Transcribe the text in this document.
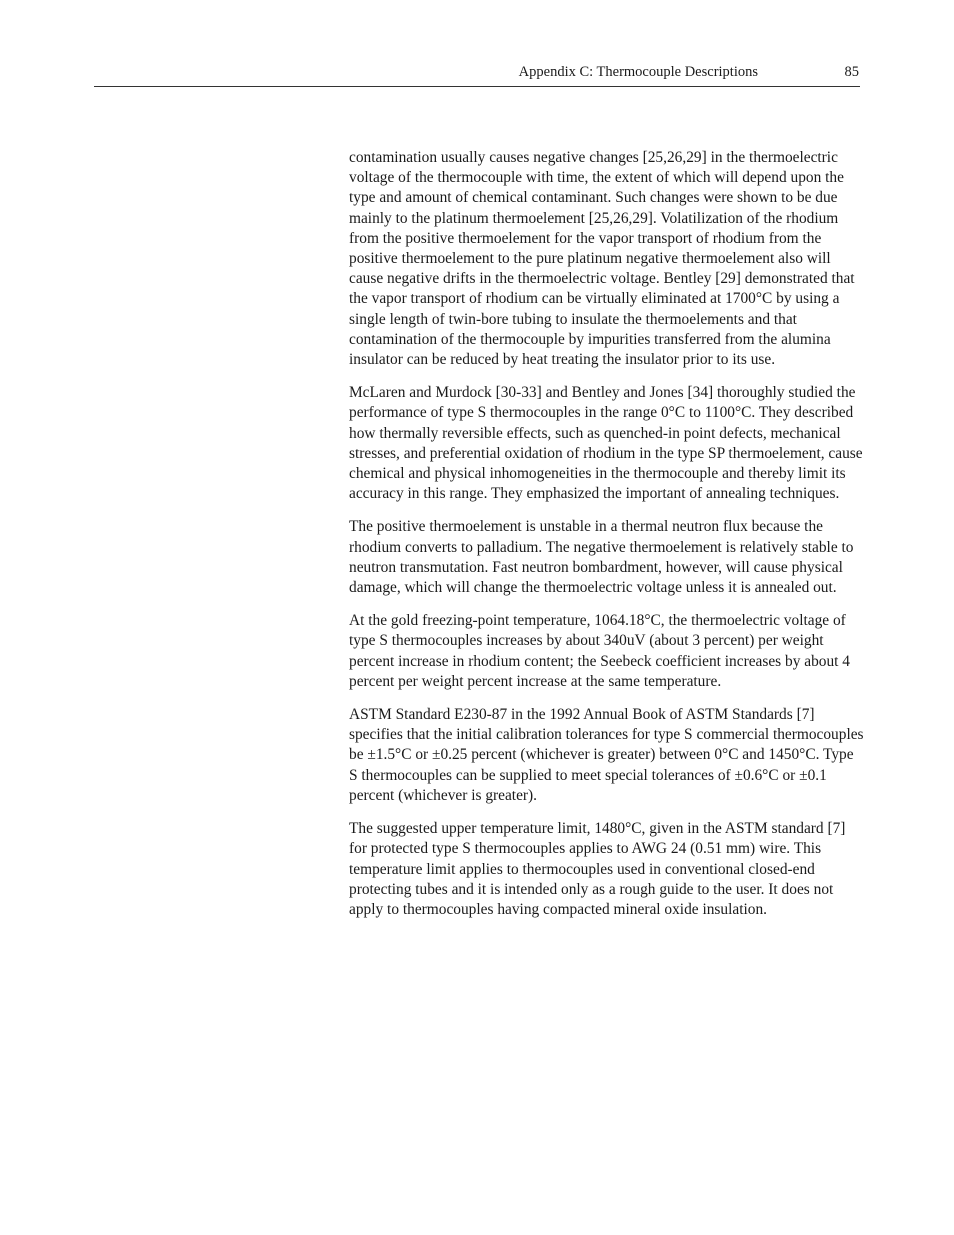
Appendix C: Thermocouple Descriptions	85

contamination usually causes negative changes [25,26,29] in the thermoelectric voltage of the thermocouple with time, the extent of which will depend upon the type and amount of chemical contaminant. Such changes were shown to be due mainly to the platinum thermoelement [25,26,29]. Volatilization of the rhodium from the positive thermoelement for the vapor transport of rhodium from the positive thermoelement to the pure platinum negative thermoelement also will cause negative drifts in the thermoelectric voltage. Bentley [29] demonstrated that the vapor transport of rhodium can be virtually eliminated at 1700°C by using a single length of twin-bore tubing to insulate the thermoelements and that contamination of the thermocouple by impurities transferred from the alumina insulator can be reduced by heat treating the insulator prior to its use.

McLaren and Murdock [30-33] and Bentley and Jones [34] thoroughly studied the performance of type S thermocouples in the range 0°C to 1100°C. They described how thermally reversible effects, such as quenched-in point defects, mechanical stresses, and preferential oxidation of rhodium in the type SP thermoelement, cause chemical and physical inhomogeneities in the thermocouple and thereby limit its accuracy in this range. They emphasized the important of annealing techniques.

The positive thermoelement is unstable in a thermal neutron flux because the rhodium converts to palladium. The negative thermoelement is relatively stable to neutron transmutation. Fast neutron bombardment, however, will cause physical damage, which will change the thermoelectric voltage unless it is annealed out.

At the gold freezing-point temperature, 1064.18°C, the thermoelectric voltage of type S thermocouples increases by about 340uV (about 3 percent) per weight percent increase in rhodium content; the Seebeck coefficient increases by about 4 percent per weight percent increase at the same temperature.

ASTM Standard E230-87 in the 1992 Annual Book of ASTM Standards [7] specifies that the initial calibration tolerances for type S commercial thermocouples be ±1.5°C or ±0.25 percent (whichever is greater) between 0°C and 1450°C. Type S thermocouples can be supplied to meet special tolerances of ±0.6°C or ±0.1 percent (whichever is greater).

The suggested upper temperature limit, 1480°C, given in the ASTM standard [7] for protected type S thermocouples applies to AWG 24 (0.51 mm) wire. This temperature limit applies to thermocouples used in conventional closed-end protecting tubes and it is intended only as a rough guide to the user. It does not apply to thermocouples having compacted mineral oxide insulation.
